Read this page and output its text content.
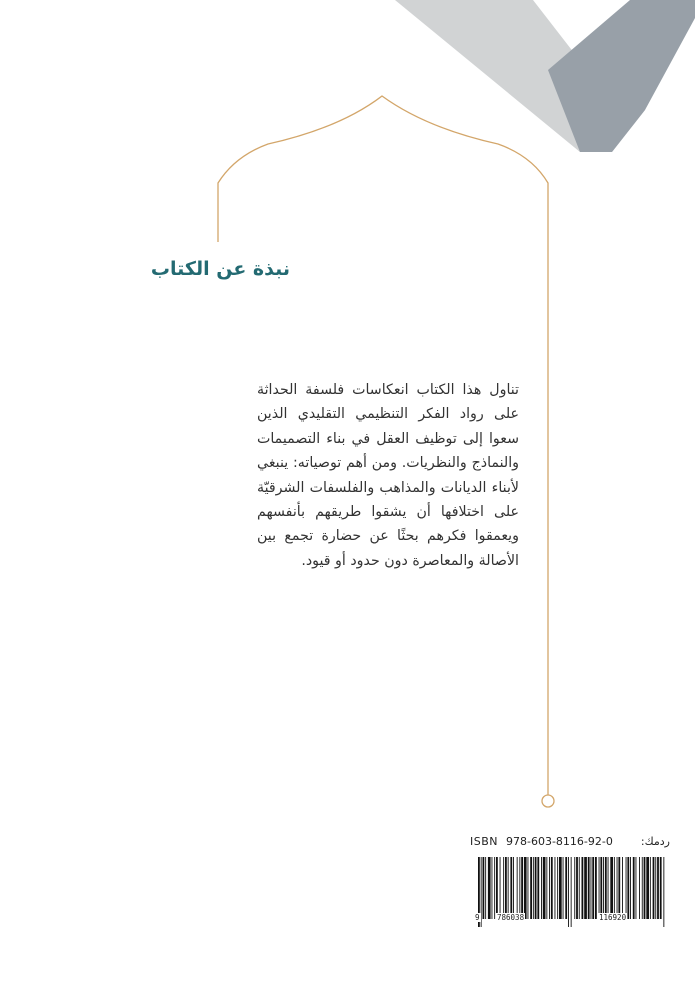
نبذة عن الكتاب
تناول هذا الكتاب انعكاسات فلسفة الحداثة على رواد الفكر التنظيمي التقليدي الذين سعوا إلى توظيف العقل في بناء التصميمات والنماذج والنظريات. ومن أهم توصياته: ينبغي لأبناء الديانات والمذاهب والفلسفات الشرقيّة على اختلافها أن يشقوا طريقهم بأنفسهم ويعمقوا فكرهم بحثًا عن حضارة تجمع بين الأصالة والمعاصرة دون حدود أو قيود.
ISBN 978-603-8116-92-0	ردمك:
9 786038	116920
